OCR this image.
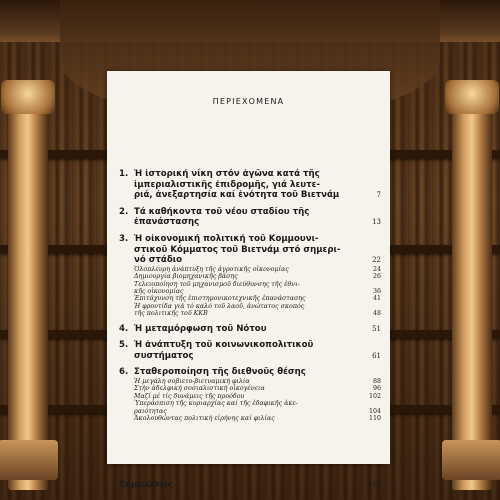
ΠΕΡΙΕΧΟΜΕΝΑ
1. Ἡ ἱστορική νίκη στόν ἀγῶνα κατά τῆς
ἰμπεριαλιστικῆς ἐπιδρομῆς, γιά λευτε-
ριά, ἀνεξαρτησία καί ἑνότητα τοῦ Βιετνάμ	7
2. Τά καθήκοντα τοῦ νέου σταδίου τῆς
ἐπανάστασης	13
3. Ἡ οἰκονομική πολιτική τοῦ Κομμουνι-
στικοῦ Κόμματος τοῦ Βιετνάμ στό σημερι-
νό στάδιο	22
Ὁλόπλευρη ἀνάπτυξη τῆς ἀγροτικῆς οἰκονομίας	24
Δημιουργία βιομηχανικῆς βάσης	26
Τελειοποίηση τοῦ μηχανισμοῦ διεύθυνσης τῆς ἐθνι-
κῆς οἰκονομίας	36
Ἐπιτάχυνση τῆς ἐπιστημονικοτεχνικῆς ἐπανάστασης	41
Ἡ φροντίδα γιά τό καλό τοῦ λαοῦ, ἀνώτατος σκοπός
τῆς πολιτικῆς τοῦ ΚΚΒ	48
4. Ἡ μεταμόρφωση τοῦ Νότου	51
5. Ἡ ἀνάπτυξη τοῦ κοινωνικοπολιτικοῦ
συστήματος	61
6. Σταθεροποίηση τῆς διεθνοῦς θέσης
Ἡ μεγάλη σοβιετο-βιετναμική φιλία	88
Στήν ἀδελφική σοσιαλιστική οἰκογένεια	96
Μαζί μέ τίς δυνάμεις τῆς προόδου	102
Ὑπεράσπιση τῆς κυριαρχίας καί τῆς ἐδαφικῆς ἀκε-
ραιότητας	104
Ἀκολουθώντας πολιτική εἰρήνης καί φιλίας	110
Σημειώσεις	119
